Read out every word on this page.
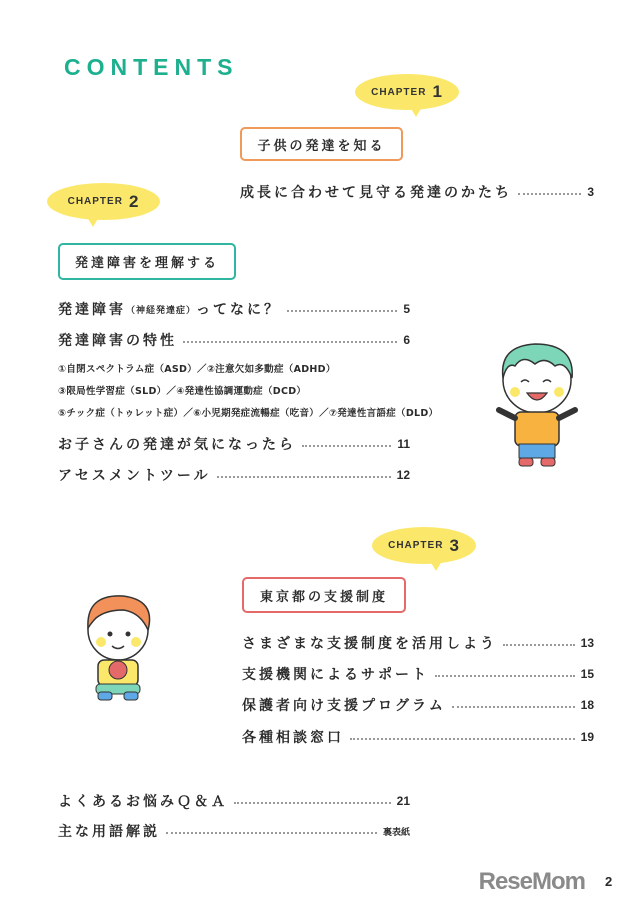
CONTENTS
CHAPTER 1
子供の発達を知る
成長に合わせて見守る発達のかたち	3
CHAPTER 2
発達障害を理解する
発達障害 （神経発達症） ってなに？	5
発達障害の特性	6
①自閉スペクトラム症（ASD）／②注意欠如多動症（ADHD）
③限局性学習症（SLD）／④発達性協調運動症（DCD）
⑤チック症（トゥレット症）／⑥小児期発症流暢症（吃音）／⑦発達性言語症（DLD）
お子さんの発達が気になったら	11
アセスメントツール	12
CHAPTER 3
東京都の支援制度
さまざまな支援制度を活用しよう	13
支援機関によるサポート	15
保護者向け支援プログラム	18
各種相談窓口	19
よくあるお悩みＱ＆Ａ	21
主な用語解説	裏表紙
ReseMom 2
